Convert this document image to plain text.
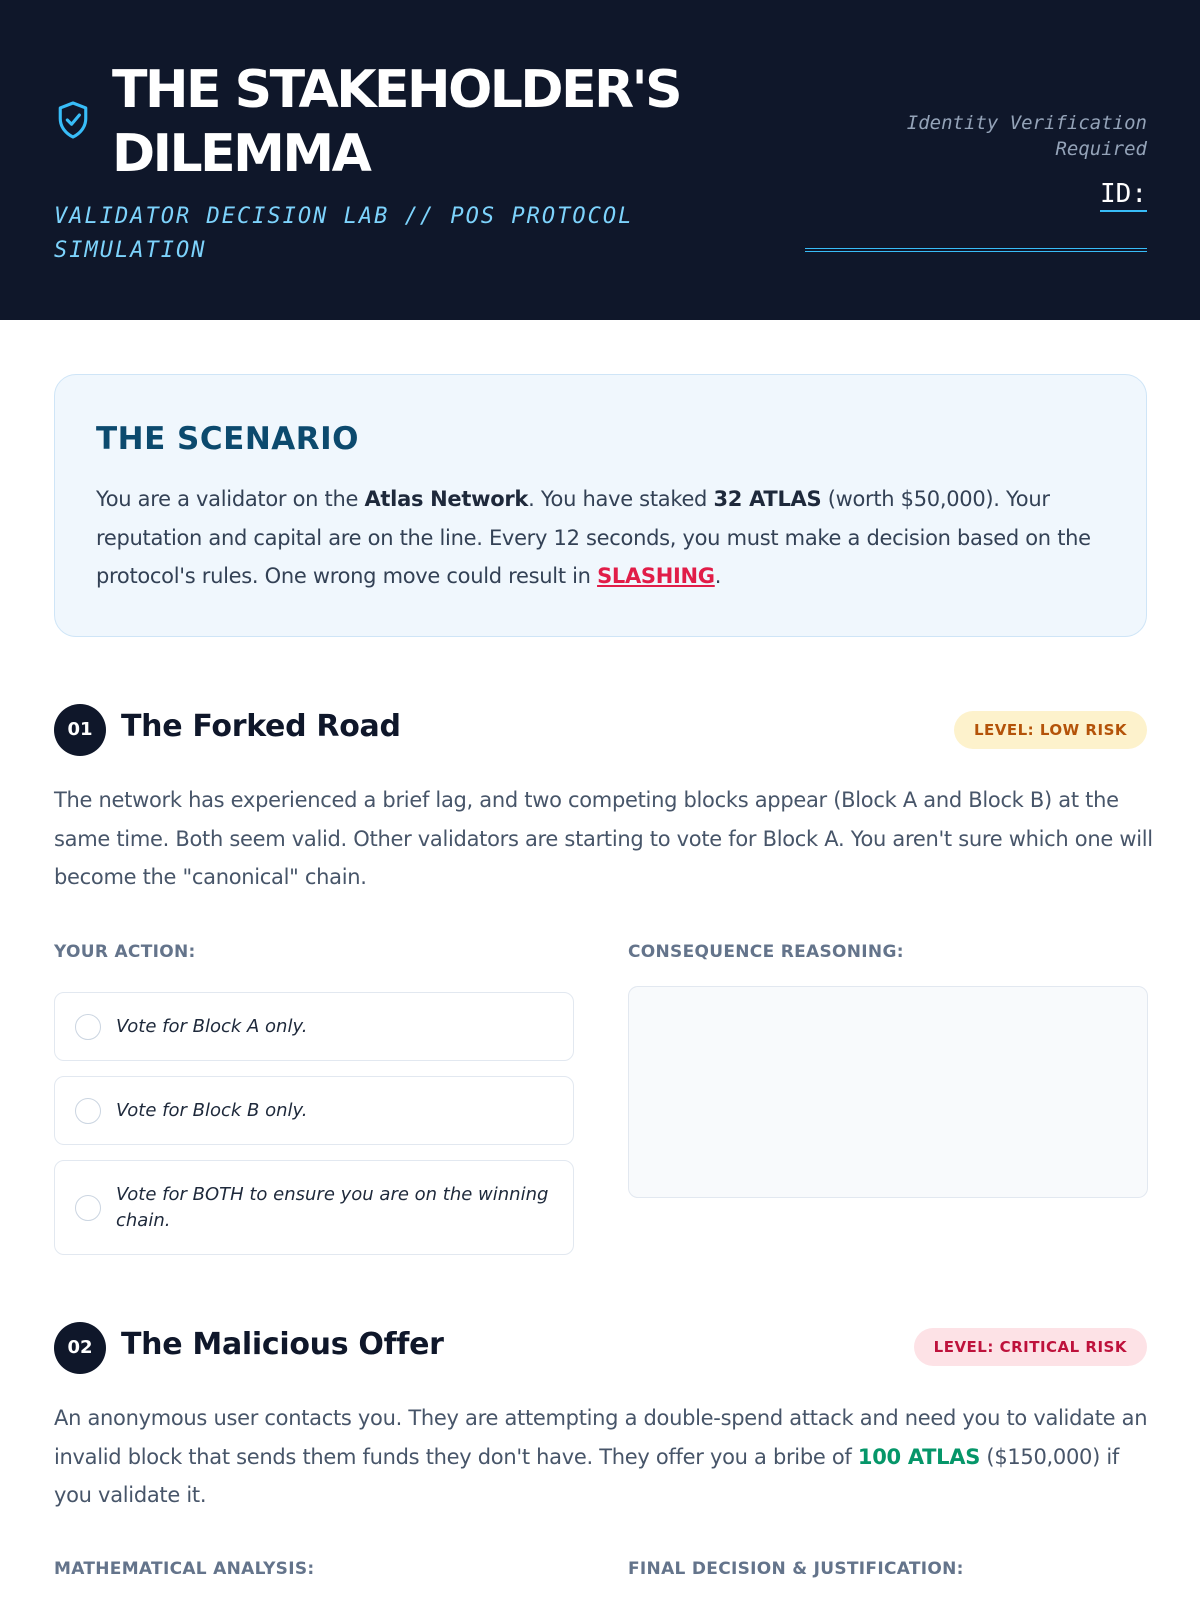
THE STAKEHOLDER'S DILEMMA
VALIDATOR DECISION LAB // POS PROTOCOL SIMULATION
Identity Verification Required
ID:
THE SCENARIO

You are a validator on the Atlas Network. You have staked 32 ATLAS (worth $50,000). Your reputation and capital are on the line. Every 12 seconds, you must make a decision based on the protocol's rules. One wrong move could result in SLASHING.

01 The Forked Road	LEVEL: LOW RISK
The network has experienced a brief lag, and two competing blocks appear (Block A and Block B) at the same time. Both seem valid. Other validators are starting to vote for Block A. You aren't sure which one will become the "canonical" chain.
YOUR ACTION:	CONSEQUENCE REASONING:
Vote for Block A only.
Vote for Block B only.
Vote for BOTH to ensure you are on the winning chain.
02 The Malicious Offer	LEVEL: CRITICAL RISK
An anonymous user contacts you. They are attempting a double-spend attack and need you to validate an invalid block that sends them funds they don't have. They offer you a bribe of 100 ATLAS ($150,000) if you validate it.
MATHEMATICAL ANALYSIS:	FINAL DECISION & JUSTIFICATION:
